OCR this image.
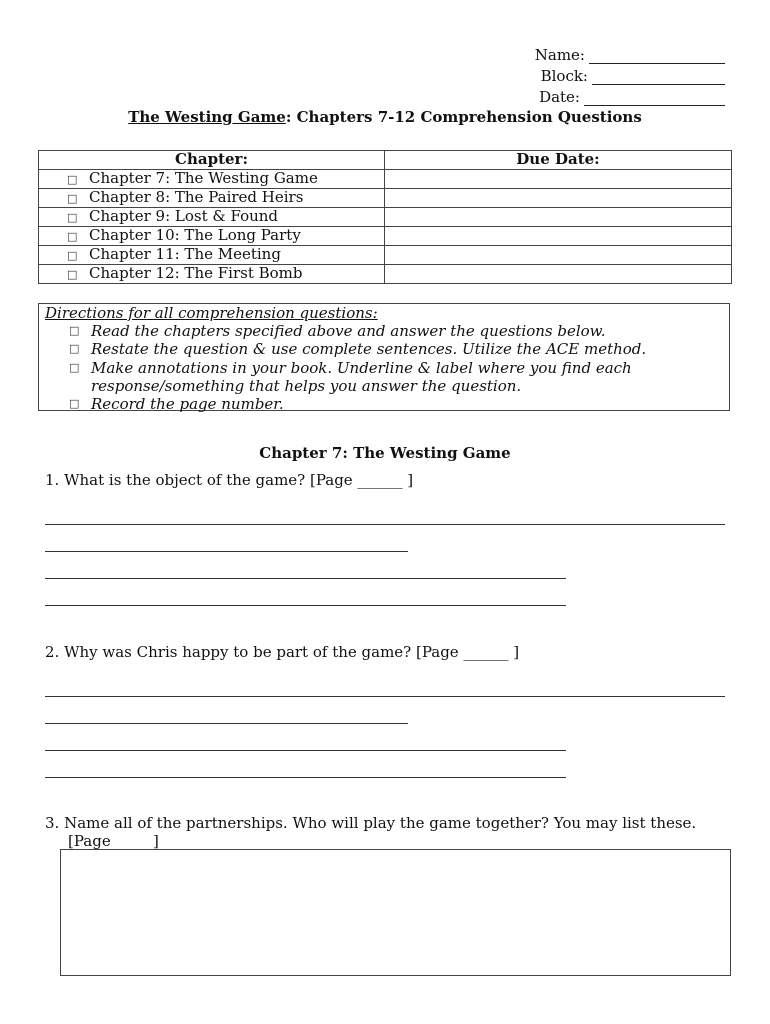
Name:
Block:
Date:
The Westing Game: Chapters 7-12 Comprehension Questions
Chapter:	Due Date:
□ Chapter 7: The Westing Game	
□ Chapter 8: The Paired Heirs	
□ Chapter 9: Lost & Found	
□ Chapter 10: The Long Party	
□ Chapter 11: The Meeting	
□ Chapter 12: The First Bomb	
Directions for all comprehension questions:
□ Read the chapters specified above and answer the questions below.
□ Restate the question & use complete sentences. Utilize the ACE method.
□ Make annotations in your book. Underline & label where you find each response/something that helps you answer the question.
□ Record the page number.
Chapter 7: The Westing Game
1. What is the object of the game? [Page ______ ]
2. Why was Chris happy to be part of the game? [Page ______ ]
3. Name all of the partnerships. Who will play the game together? You may list these.
[Page _____]
